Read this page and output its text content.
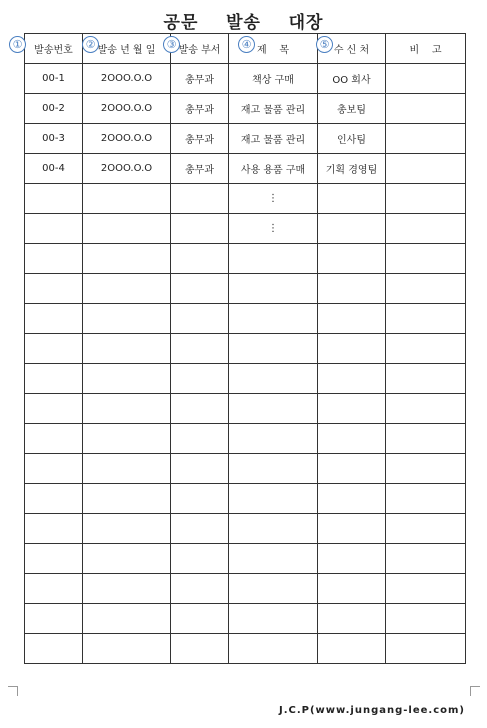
공문    발송    대장
발송번호	발송 년 월 일	발송 부서	제    목	수 신 처	비    고
00-1	2OOO.O.O	총무과	책상 구매	OO 회사	
00-2	2OOO.O.O	총무과	재고 물품 관리	총보팀	
00-3	2OOO.O.O	총무과	재고 물품 관리	인사팀	
00-4	2OOO.O.O	총무과	사용 용품 구매	기획 경영팀	
			⋮		
			⋮		

①	②	③	④	⑤
J.C.P(www.jungang-lee.com)
